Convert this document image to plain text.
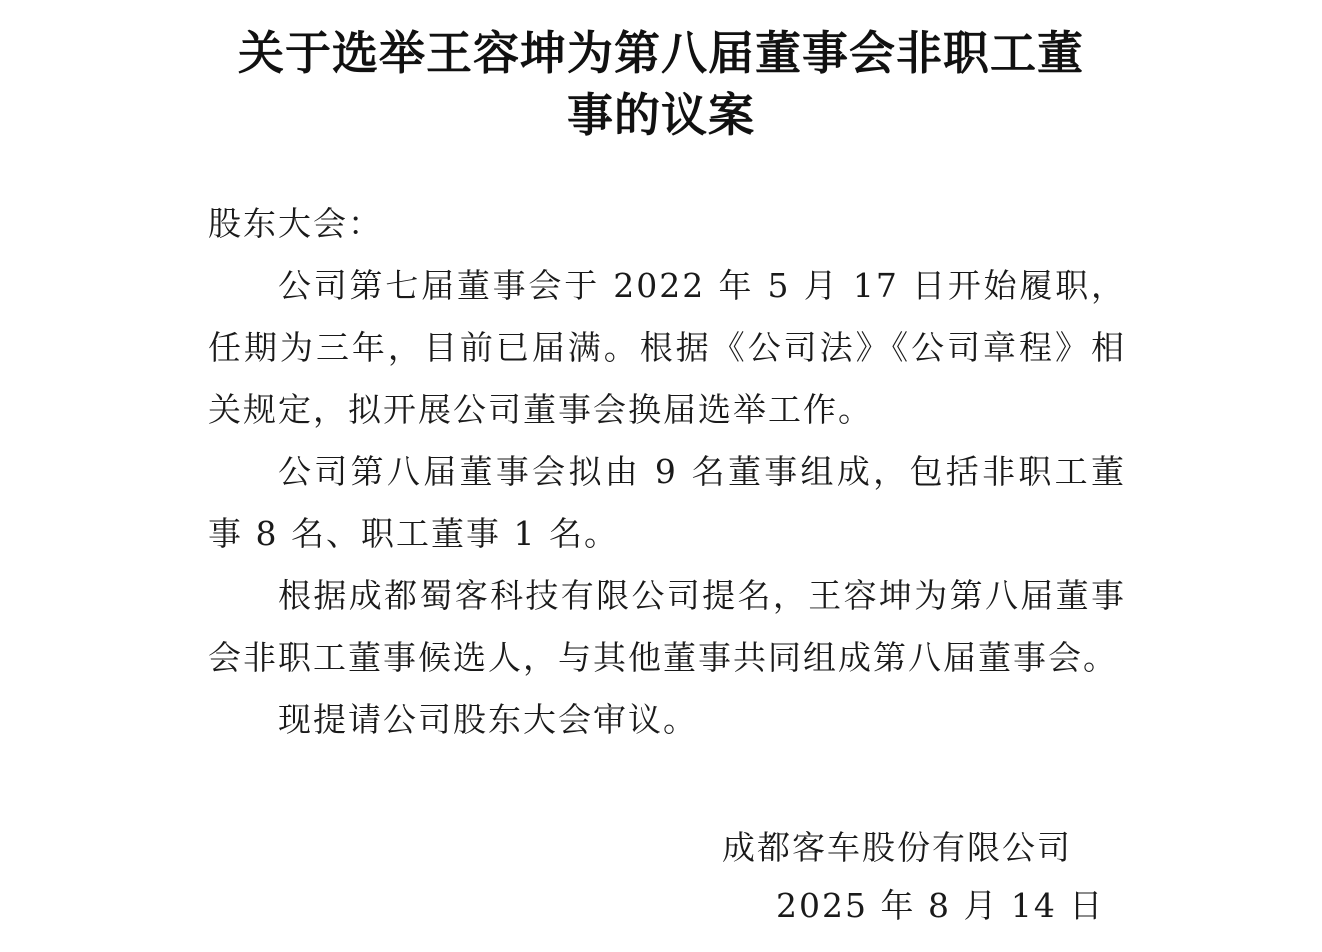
关于选举王容坤为第八届董事会非职工董
事的议案

股东大会：

公司第七届董事会于 2022 年 5 月 17 日开始履职，任期为三年，目前已届满。根据《公司法》《公司章程》相关规定，拟开展公司董事会换届选举工作。

公司第八届董事会拟由 9 名董事组成，包括非职工董事 8 名、职工董事 1 名。

根据成都蜀客科技有限公司提名，王容坤为第八届董事会非职工董事候选人，与其他董事共同组成第八届董事会。

现提请公司股东大会审议。

成都客车股份有限公司
2025 年 8 月 14 日
